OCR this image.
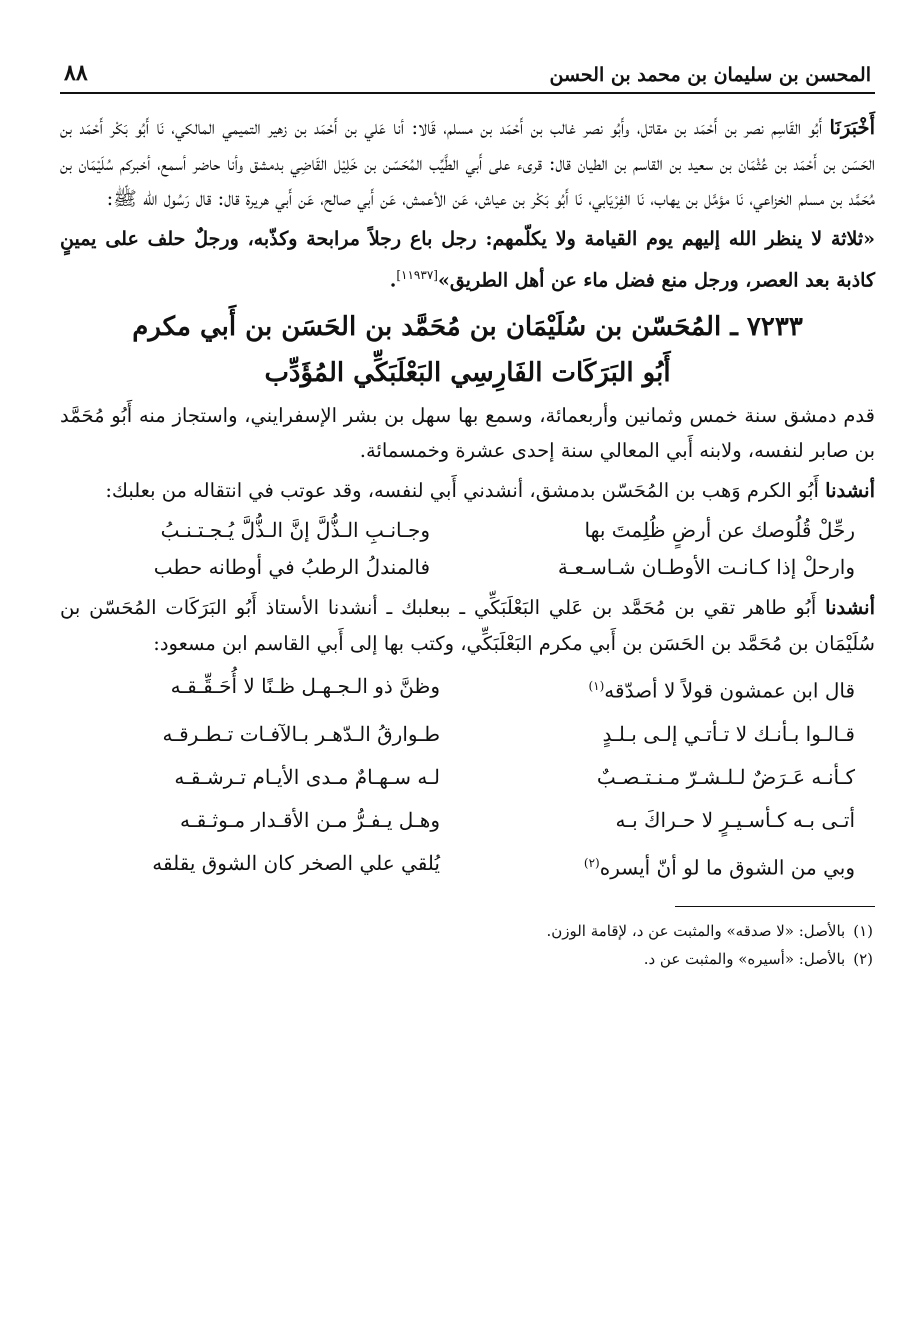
المحسن بن سليمان بن محمد بن الحسن
٨٨

أَخْبَرَنَا أَبُو القَاسِم نصر بن أَحْمَد بن مقاتل، وأَبُو نصر غالب بن أَحْمَد بن مسلم، قَالا: أنا عَلي بن أَحْمَد بن زهير التميمي المالكي، نَا أَبُو بَكْر أَحْمَد بن الحَسَن بن أَحْمَد بن عُثْمَان بن سعيد بن القاسم بن الطيان قال: قرىء على أَبي الطَّيِّب المُحَسّن بن خَلِيْل القَاضِي بدمشق وأنا حاضر أسمع، أخبركم سُلَيْمَان بن مُحَمَّد بن مسلم الخزاعي، نَا مؤمَّل بن يهاب، نَا الفِرْيَابي، نَا أَبُو بَكْر بن عياش، عَن الأعمش، عَن أَبي صالح، عَن أَبي هريرة قال: قال رَسُول الله ﷺ:

«ثلاثة لا ينظر الله إليهم يوم القيامة ولا يكلّمهم: رجل باع رجلاً مرابحة وكذّبه، ورجلٌ حلف على يمينٍ كاذبة بعد العصر، ورجل منع فضل ماء عن أهل الطريق»[١١٩٣٧].

٧٢٣٣ ـ المُحَسّن بن سُلَيْمَان بن مُحَمَّد بن الحَسَن بن أَبي مكرم
أَبُو البَرَكَات الفَارِسِي البَعْلَبَكِّي المُؤَدِّب

قدم دمشق سنة خمس وثمانين وأربعمائة، وسمع بها سهل بن بشر الإسفرايني، واستجاز منه أَبُو مُحَمَّد بن صابر لنفسه، ولابنه أَبي المعالي سنة إحدى عشرة وخمسمائة.

أنشدنا أَبُو الكرم وَهب بن المُحَسّن بدمشق، أنشدني أَبي لنفسه، وقد عوتب في انتقاله من بعلبك:

رحِّلْ قُلُوصك عن أرضٍ ظُلِمتَ بها
وجـانـبِ الـذُّلَّ إنَّ الـذُّلَّ يُـجـتـنـبُ
وارحلْ إذا كـانـت الأوطـان شـاسـعـة
فالمندلُ الرطبُ في أوطانه حطب

أنشدنا أَبُو طاهر تقي بن مُحَمَّد بن عَلي البَعْلَبَكِّي ـ ببعلبك ـ أنشدنا الأستاذ أَبُو البَرَكَات المُحَسّن بن سُلَيْمَان بن مُحَمَّد بن الحَسَن بن أَبي مكرم البَعْلَبَكِّي، وكتب بها إلى أَبي القاسم ابن مسعود:

قال ابن عمشون قولاً لا أصدّقه$^{(١)}$
وظنَّ ذو الـجـهـل ظـنًا لا أُحَـقِّـقـه
قـالـوا بـأنـك لا تـأتـي إلـى بـلـدٍ
طـوارقُ الـدّهـر بـالآفـات تـطـرقـه
كـأنـه عَـرَضٌ لـلـشـرّ مـنـتـصـبٌ
لـه سـهـامٌ مـدى الأيـام تـرشـقـه
أتـى بـه كـأسـيـرٍ لا حـراكَ بـه
وهـل يـفـرُّ مـن الأقـدار مـوثـقـه
وبي من الشوق ما لو أنّ أيسره$^{(٢)}$
يُلقي علي الصخر كان الشوق يقلقه
(١)بالأصل: «لا صدقه» والمثبت عن د، لإقامة الوزن.
(٢)بالأصل: «أسيره» والمثبت عن د.
